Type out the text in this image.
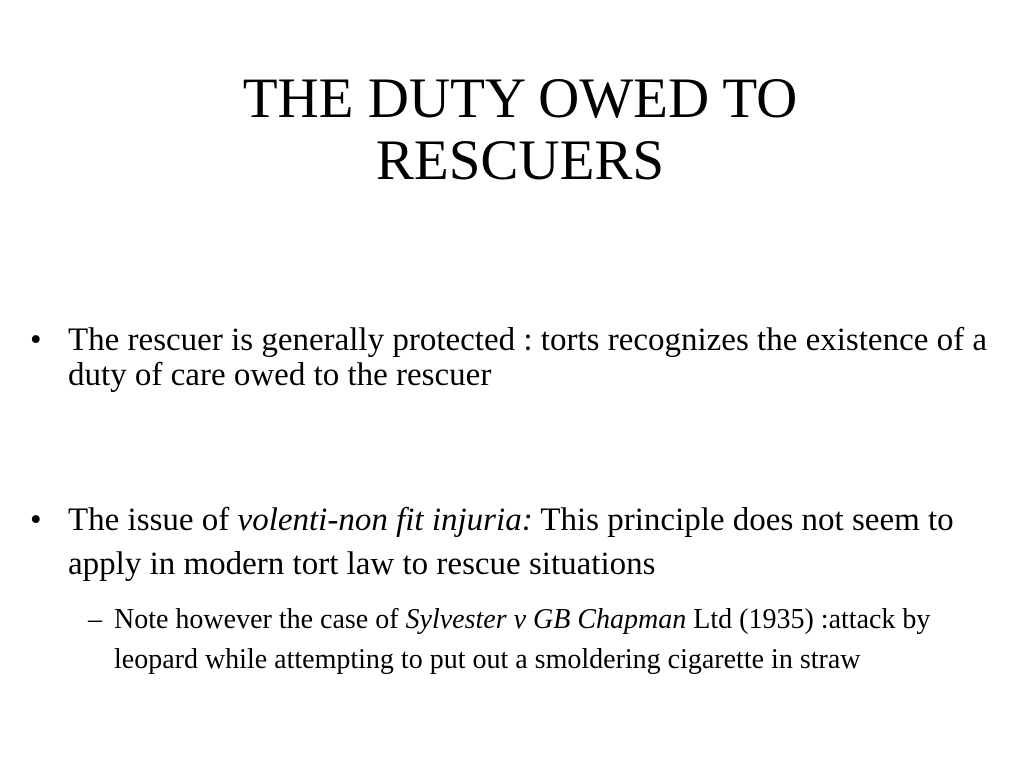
THE DUTY OWED TO
RESCUERS
• The rescuer is generally protected : torts recognizes the existence of a duty of care owed to the rescuer
• The issue of volenti-non fit injuria: This principle does not seem to apply in modern tort law to rescue situations
– Note however the case of Sylvester v GB Chapman Ltd (1935) :attack by leopard while attempting to put out a smoldering cigarette in straw
